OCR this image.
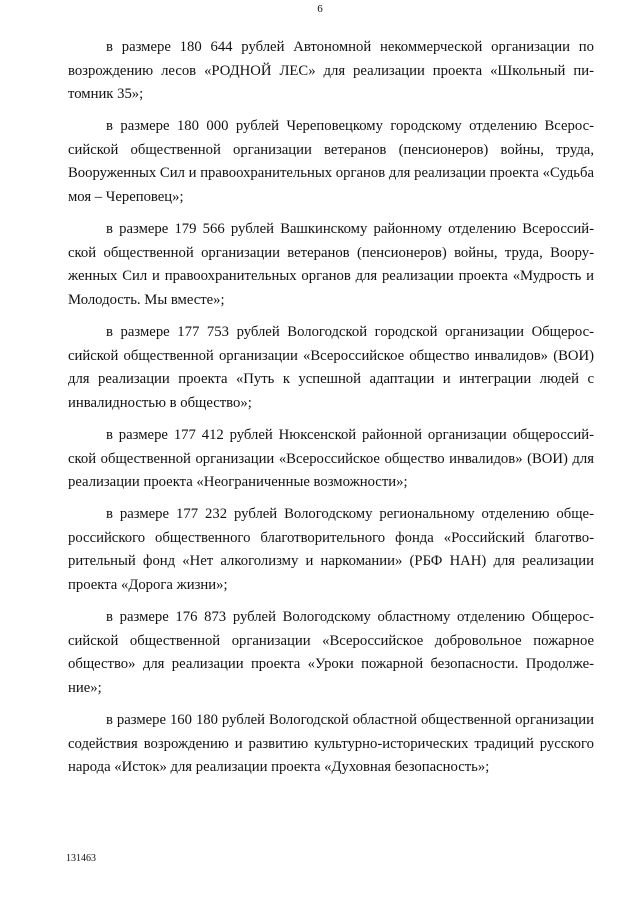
6

в размере 180 644 рублей Автономной некоммерческой организации по возрождению лесов «РОДНОЙ ЛЕС» для реализации проекта «Школьный питомник 35»;

в размере 180 000 рублей Череповецкому городскому отделению Всероссийской общественной организации ветеранов (пенсионеров) войны, труда, Вооруженных Сил и правоохранительных органов для реализации проекта «Судьба моя – Череповец»;

в размере 179 566 рублей Вашкинскому районному отделению Всероссийской общественной организации ветеранов (пенсионеров) войны, труда, Вооруженных Сил и правоохранительных органов для реализации проекта «Мудрость и Молодость. Мы вместе»;

в размере 177 753 рублей Вологодской городской организации Общероссийской общественной организации «Всероссийское общество инвалидов» (ВОИ) для реализации проекта «Путь к успешной адаптации и интеграции людей с инвалидностью в общество»;

в размере 177 412 рублей Нюксенской районной организации общероссийской общественной организации «Всероссийское общество инвалидов» (ВОИ) для реализации проекта «Неограниченные возможности»;

в размере 177 232 рублей Вологодскому региональному отделению общероссийского общественного благотворительного фонда «Российский благотворительный фонд «Нет алкоголизму и наркомании» (РБФ НАН) для реализации проекта «Дорога жизни»;

в размере 176 873 рублей Вологодскому областному отделению Общероссийской общественной организации «Всероссийское добровольное пожарное общество» для реализации проекта «Уроки пожарной безопасности. Продолжение»;

в размере 160 180 рублей Вологодской областной общественной организации содействия возрождению и развитию культурно-исторических традиций русского народа «Исток» для реализации проекта «Духовная безопасность»;

131463
